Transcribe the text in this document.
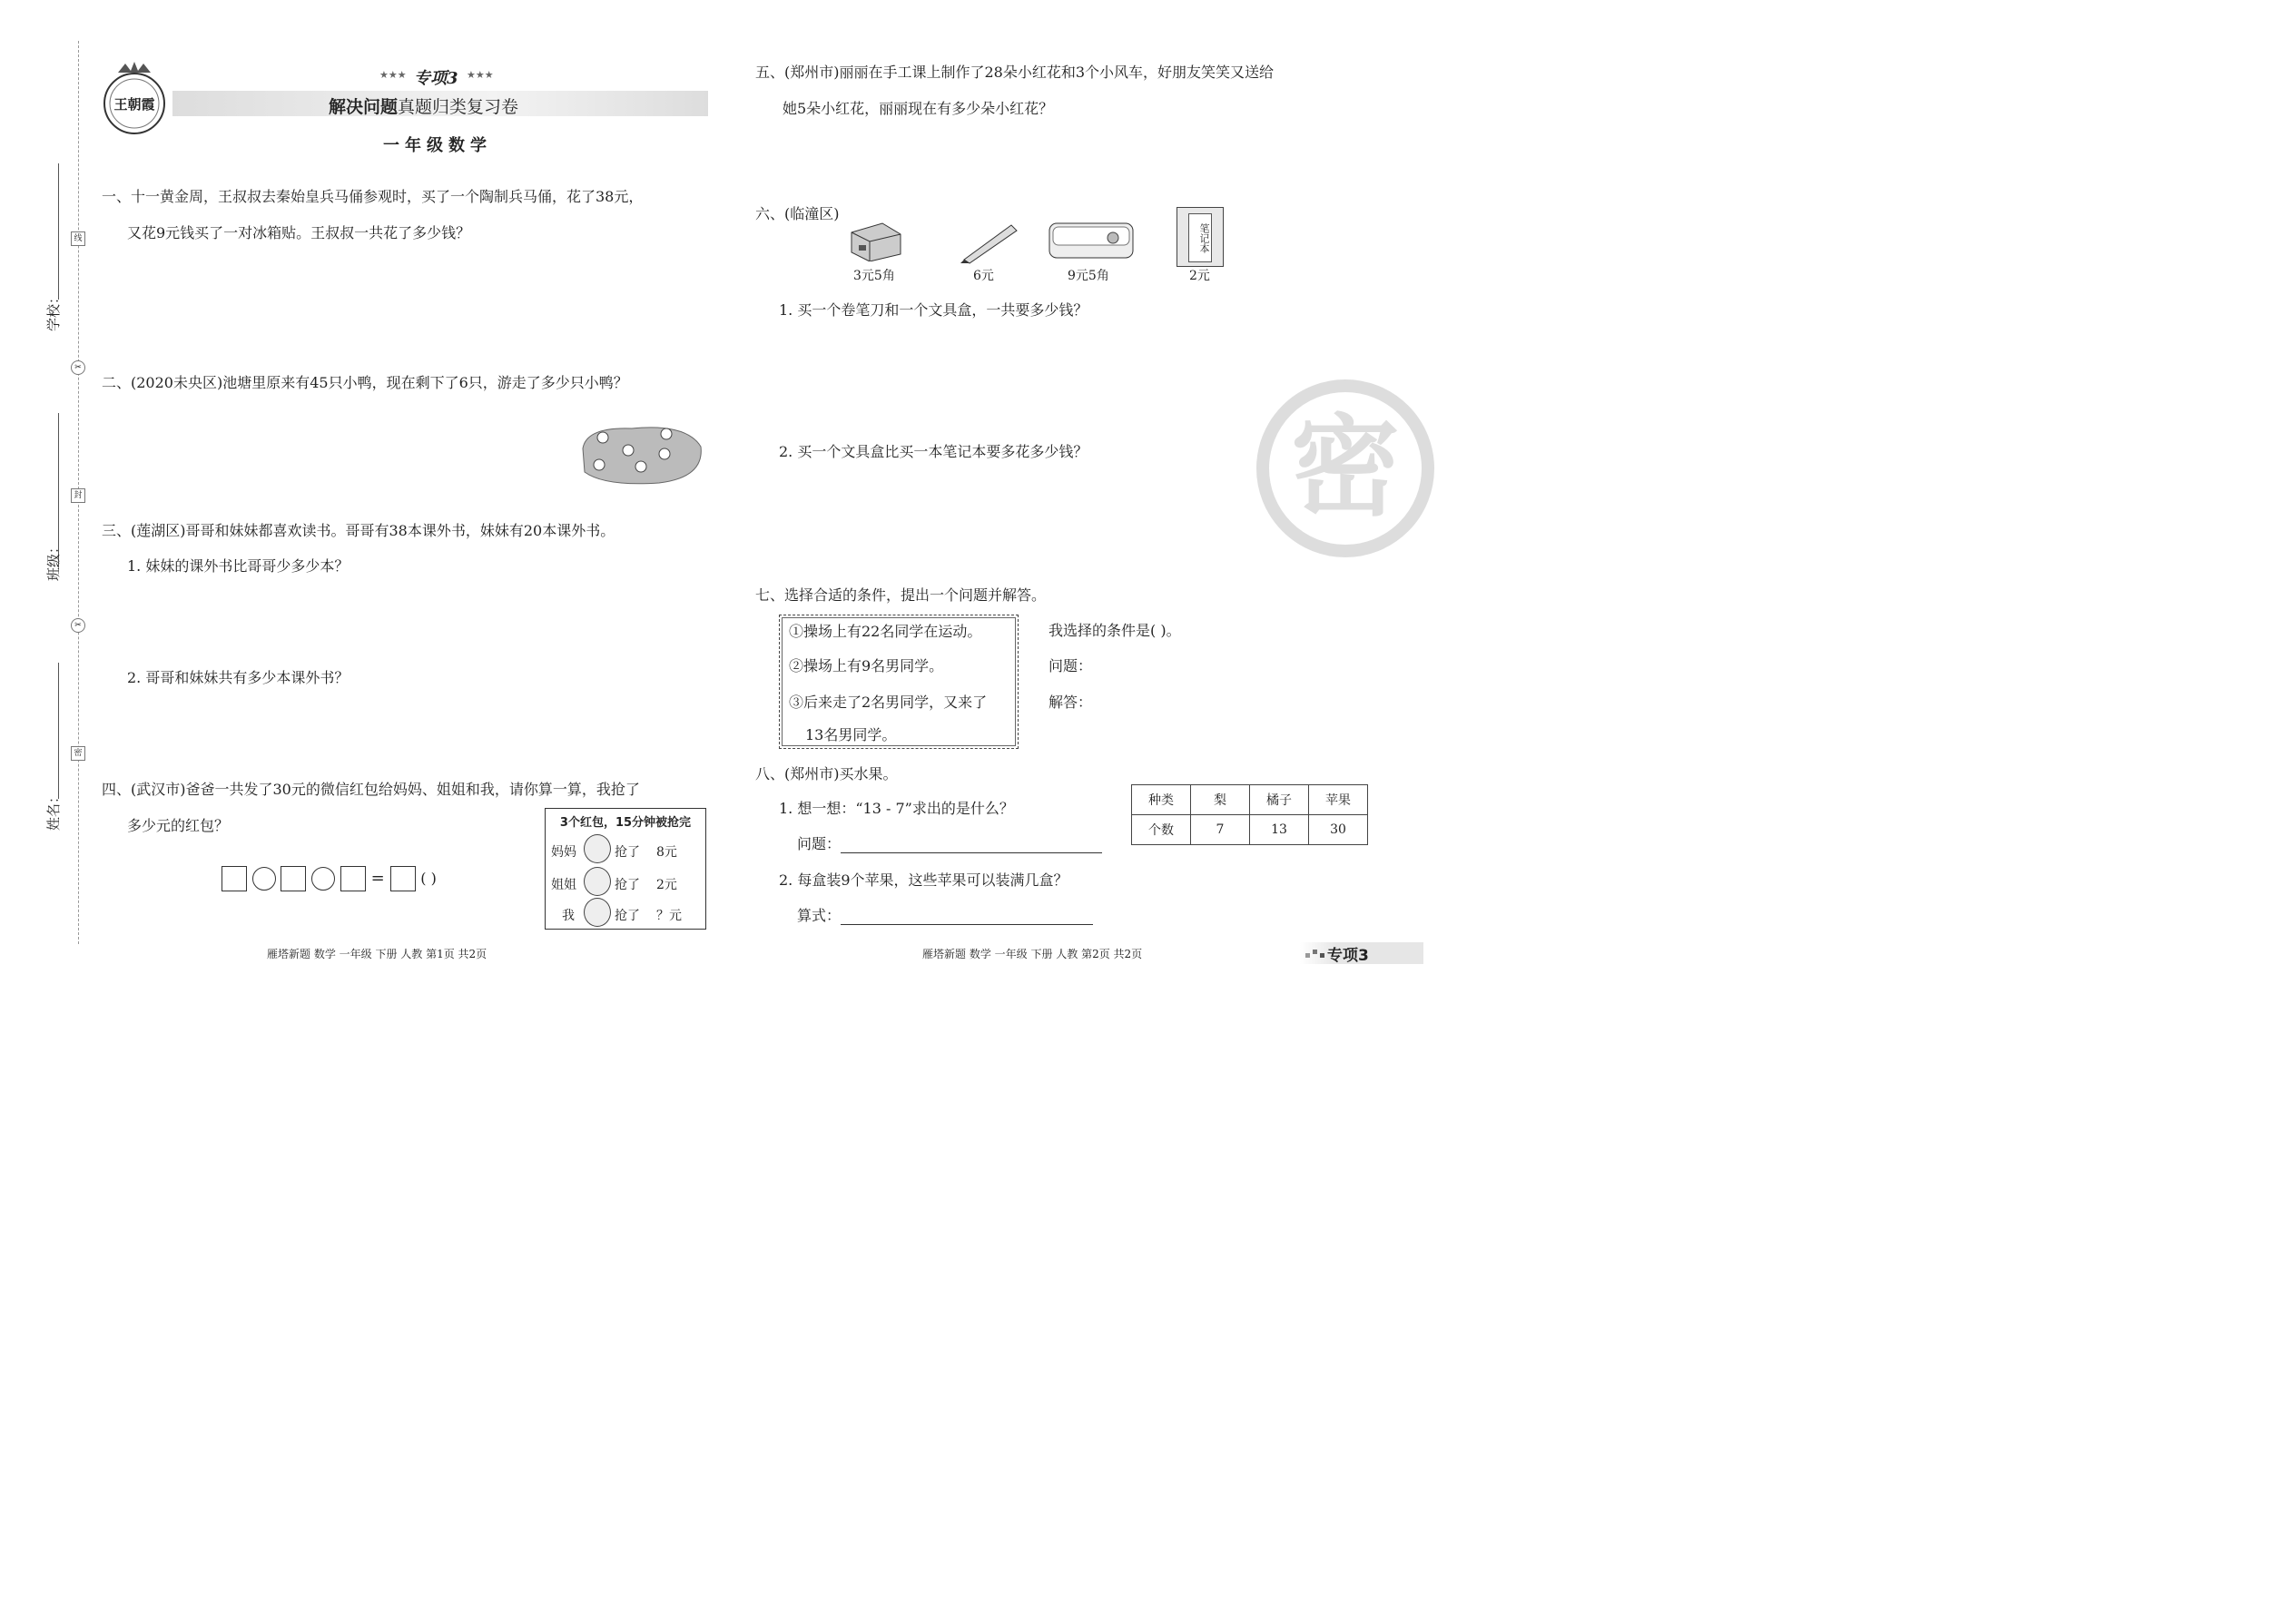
学校：
班级：
姓名：
线
✂
封
✂
密
王朝霞
★★★ 专项3 ★★★
解决问题真题归类复习卷
一年级数学
一、十一黄金周，王叔叔去秦始皇兵马俑参观时，买了一个陶制兵马俑，花了38元，
又花9元钱买了一对冰箱贴。王叔叔一共花了多少钱？
二、(2020未央区)池塘里原来有45只小鸭，现在剩下了6只，游走了多少只小鸭？
三、(莲湖区)哥哥和妹妹都喜欢读书。哥哥有38本课外书，妹妹有20本课外书。
1. 妹妹的课外书比哥哥少多少本？
2. 哥哥和妹妹共有多少本课外书？
四、(武汉市)爸爸一共发了30元的微信红包给妈妈、姐姐和我，请你算一算，我抢了
多少元的红包？
= ( )
3个红包，15分钟被抢完
妈妈	抢了 8元
姐姐	抢了 2元
我	抢了 ？元
五、(郑州市)丽丽在手工课上制作了28朵小红花和3个小风车，好朋友笑笑又送给
她5朵小红花，丽丽现在有多少朵小红花？
六、(临潼区)
笔记本
3元5角	6元	9元5角	2元
1. 买一个卷笔刀和一个文具盒，一共要多少钱？
2. 买一个文具盒比买一本笔记本要多花多少钱？ 密
七、选择合适的条件，提出一个问题并解答。
①操场上有22名同学在运动。
②操场上有9名男同学。
③后来走了2名男同学，又来了
13名男同学。
我选择的条件是( )。
问题：
解答：
八、(郑州市)买水果。
1. 想一想：“13 - 7”求出的是什么？
问题：
2. 每盒装9个苹果，这些苹果可以装满几盒？
算式：
种类	梨	橘子	苹果
个数	7	13	30
雁塔新题 数学 一年级 下册 人教 第1页 共2页	雁塔新题 数学 一年级 下册 人教 第2页 共2页	专项3
